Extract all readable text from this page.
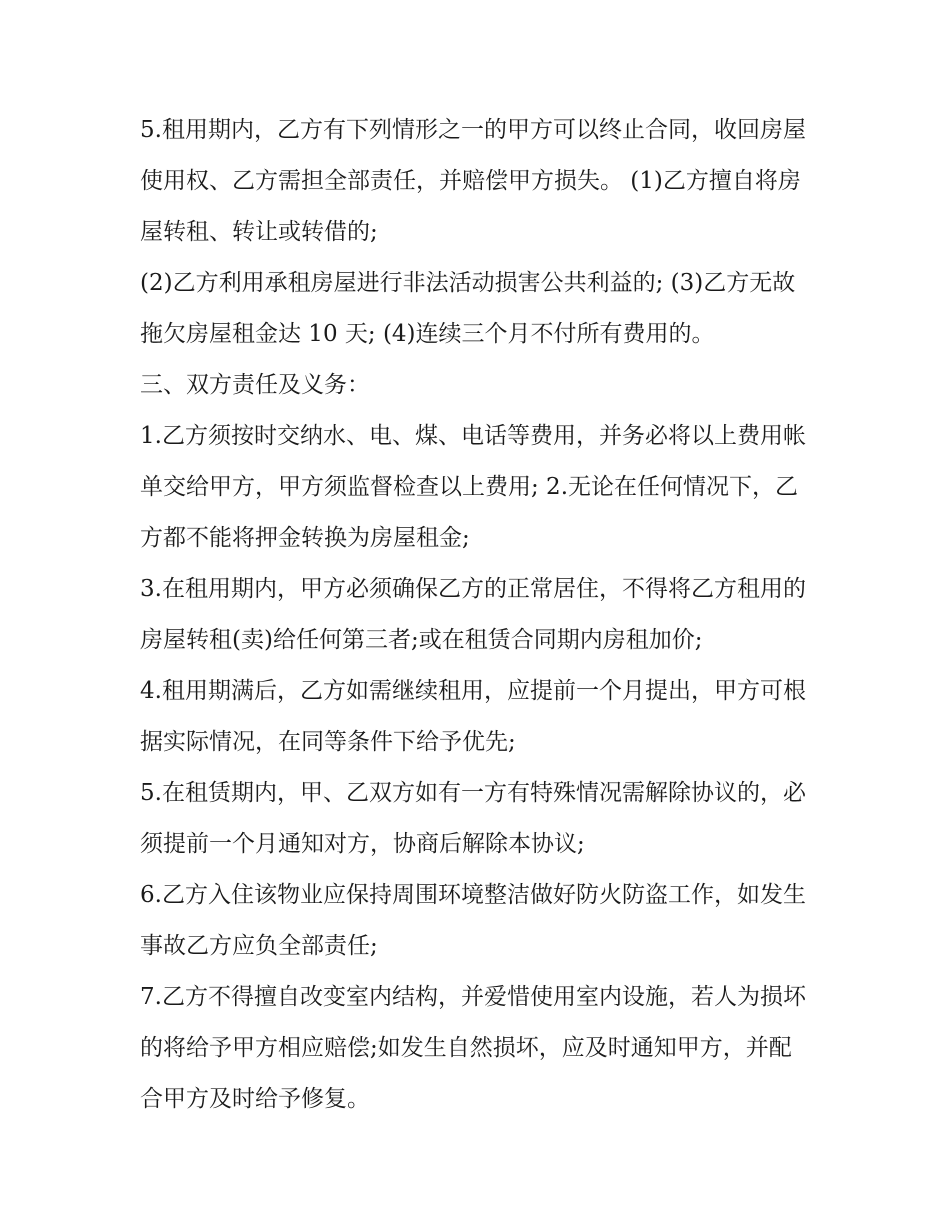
5.租用期内，乙方有下列情形之一的甲方可以终止合同，收回房屋使用权、乙方需担全部责任，并赔偿甲方损失。 (1)乙方擅自将房屋转租、转让或转借的;

(2)乙方利用承租房屋进行非法活动损害公共利益的; (3)乙方无故拖欠房屋租金达 10 天; (4)连续三个月不付所有费用的。

三、双方责任及义务：

1.乙方须按时交纳水、电、煤、电话等费用，并务必将以上费用帐单交给甲方，甲方须监督检查以上费用; 2.无论在任何情况下，乙方都不能将押金转换为房屋租金;

3.在租用期内，甲方必须确保乙方的正常居住，不得将乙方租用的房屋转租(卖)给任何第三者;或在租赁合同期内房租加价;

4.租用期满后，乙方如需继续租用，应提前一个月提出，甲方可根据实际情况，在同等条件下给予优先;

5.在租赁期内，甲、乙双方如有一方有特殊情况需解除协议的，必须提前一个月通知对方，协商后解除本协议;

6.乙方入住该物业应保持周围环境整洁做好防火防盗工作，如发生事故乙方应负全部责任;

7.乙方不得擅自改变室内结构，并爱惜使用室内设施，若人为损坏的将给予甲方相应赔偿;如发生自然损坏，应及时通知甲方，并配合甲方及时给予修复。
